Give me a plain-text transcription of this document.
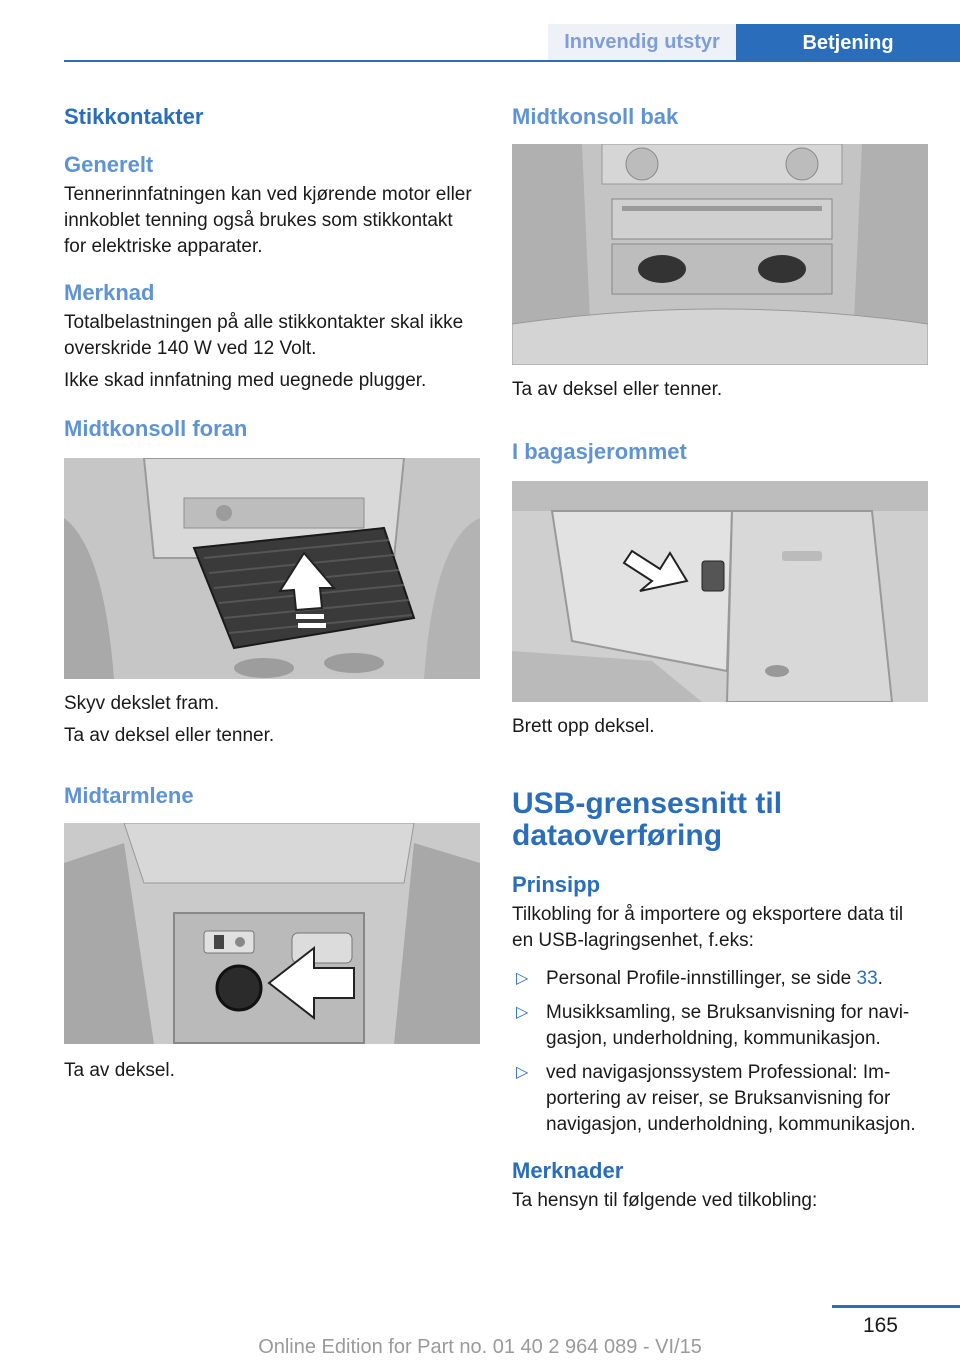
Innvendig utstyr	Betjening
Stikkontakter
Generelt

Tennerinnfatningen kan ved kjørende motor eller innkoblet tenning også brukes som stikkontakt for elektriske apparater.

Merknad

Totalbelastningen på alle stikkontakter skal ikke overskride 140 W ved 12 Volt.

Ikke skad innfatning med uegnede plugger.

Midtkonsoll foran

Skyv dekslet fram.

Ta av deksel eller tenner.

Midtarmlene

Ta av deksel.

Midtkonsoll bak

Ta av deksel eller tenner.

I bagasjerommet

Brett opp deksel.

USB-grensesnitt til dataoverføring
Prinsipp

Tilkobling for å importere og eksportere data til en USB-lagringsenhet, f.eks:

▷ Personal Profile-innstillinger, se side 33.
▷ Musikksamling, se Bruksanvisning for navigasjon, underholdning, kommunikasjon.
▷ ved navigasjonssystem Professional: Importering av reiser, se Bruksanvisning for navigasjon, underholdning, kommunikasjon.
Merknader

Ta hensyn til følgende ved tilkobling:

165
Online Edition for Part no. 01 40 2 964 089 - VI/15
